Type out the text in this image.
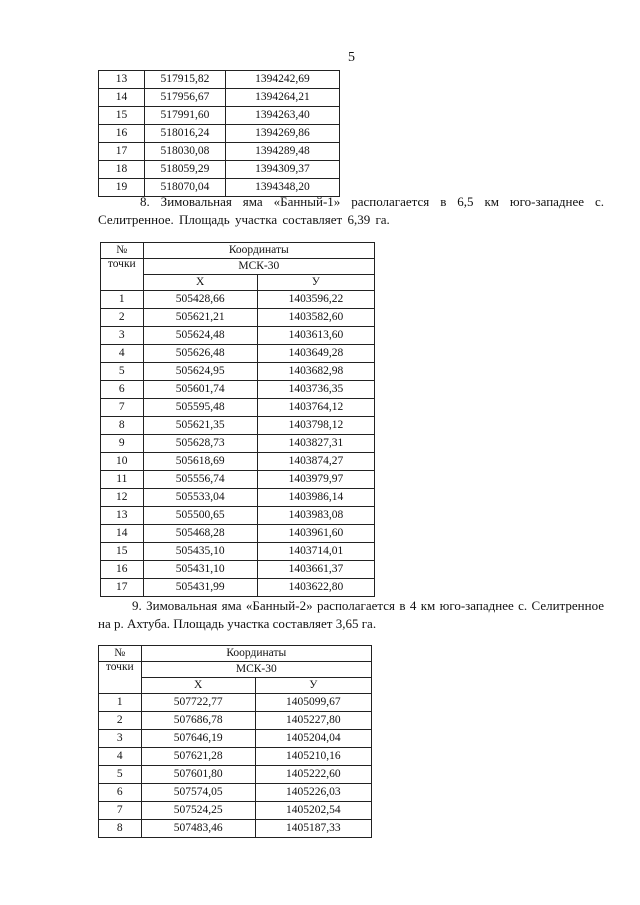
5
13	517915,82	1394242,69
14	517956,67	1394264,21
15	517991,60	1394263,40
16	518016,24	1394269,86
17	518030,08	1394289,48
18	518059,29	1394309,37
19	518070,04	1394348,20

8. Зимовальная яма «Банный-1» располагается в 6,5 км юго-западнее с. Селитренное. Площадь участка составляет 6,39 га.

№	Координаты	
точки	МСК-30	
	Х	У
1	505428,66	1403596,22
2	505621,21	1403582,60
3	505624,48	1403613,60
4	505626,48	1403649,28
5	505624,95	1403682,98
6	505601,74	1403736,35
7	505595,48	1403764,12
8	505621,35	1403798,12
9	505628,73	1403827,31
10	505618,69	1403874,27
11	505556,74	1403979,97
12	505533,04	1403986,14
13	505500,65	1403983,08
14	505468,28	1403961,60
15	505435,10	1403714,01
16	505431,10	1403661,37
17	505431,99	1403622,80

9. Зимовальная яма «Банный-2» располагается в 4 км юго-западнее с. Селитренное на р. Ахтуба. Площадь участка составляет 3,65 га.

№	Координаты	
точки	МСК-30	
	Х	У
1	507722,77	1405099,67
2	507686,78	1405227,80
3	507646,19	1405204,04
4	507621,28	1405210,16
5	507601,80	1405222,60
6	507574,05	1405226,03
7	507524,25	1405202,54
8	507483,46	1405187,33
